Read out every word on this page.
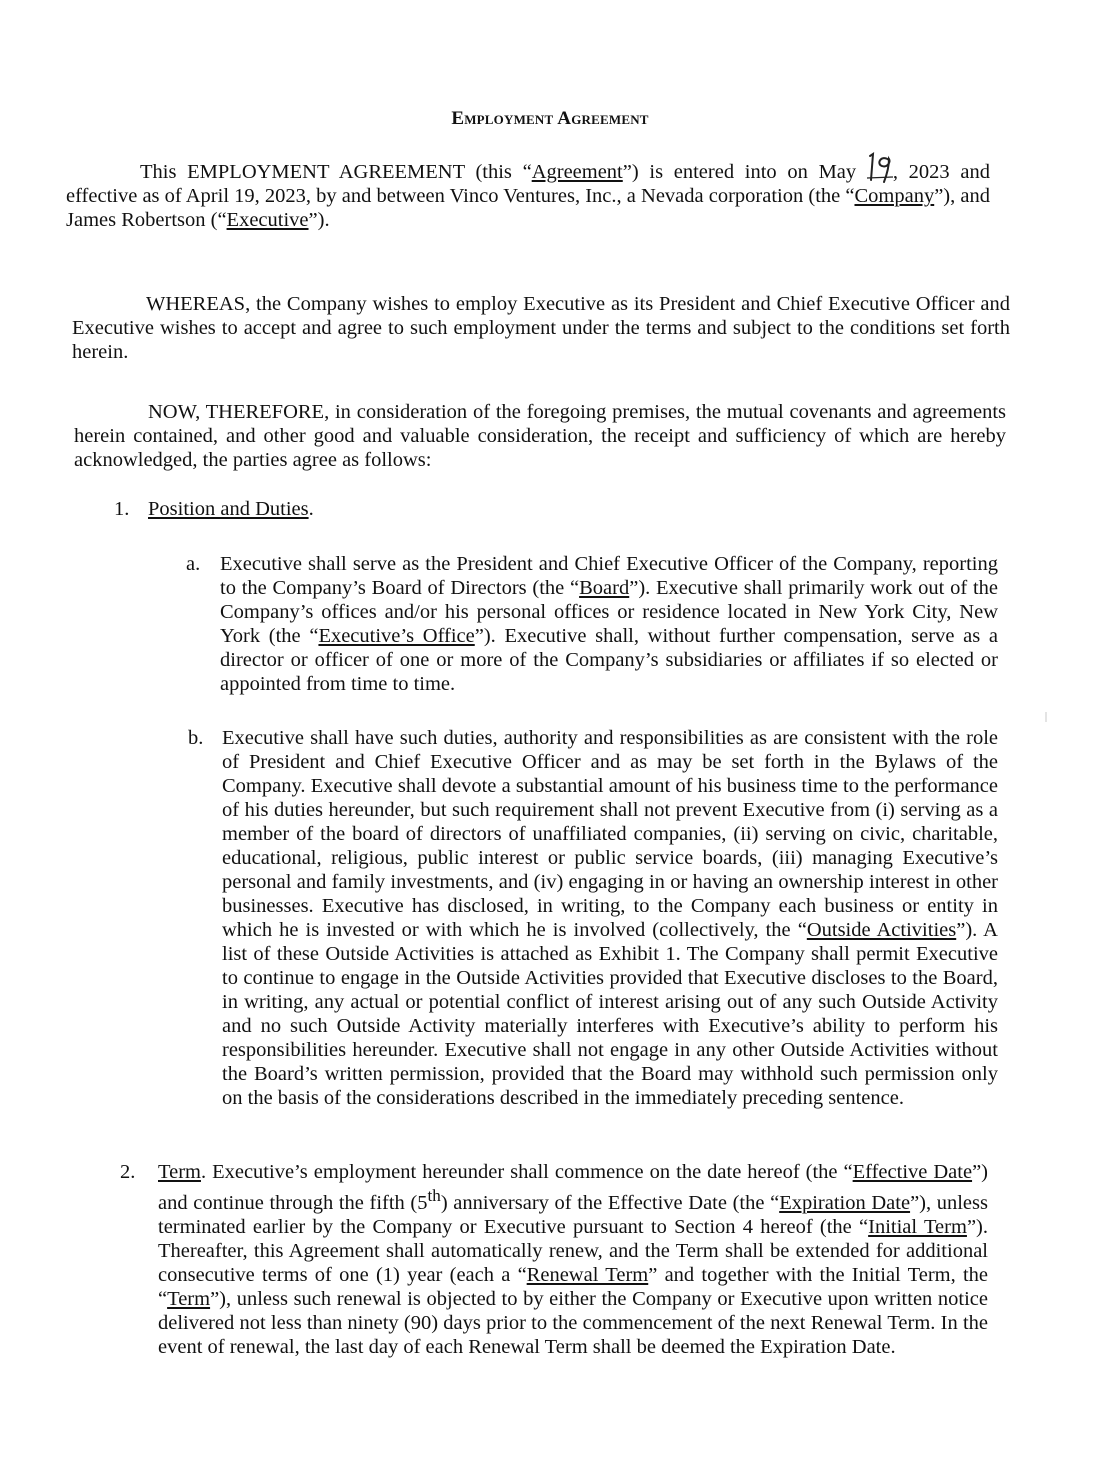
Employment Agreement
This EMPLOYMENT AGREEMENT (this “Agreement”) is entered into on May
, 2023 and effective as of April 19, 2023, by and between Vinco Ventures, Inc., a Nevada corporation (the “Company”), and James Robertson (“Executive”).
WHEREAS, the Company wishes to employ Executive as its President and Chief Executive Officer and Executive wishes to accept and agree to such employment under the terms and subject to the conditions set forth herein.
NOW, THEREFORE, in consideration of the foregoing premises, the mutual covenants and agreements herein contained, and other good and valuable consideration, the receipt and sufficiency of which are hereby acknowledged, the parties agree as follows:
1. Position and Duties.
a. Executive shall serve as the President and Chief Executive Officer of the Company, reporting to the Company’s Board of Directors (the “Board”). Executive shall primarily work out of the Company’s offices and/or his personal offices or residence located in New York City, New York (the “Executive’s Office”). Executive shall, without further compensation, serve as a director or officer of one or more of the Company’s subsidiaries or affiliates if so elected or appointed from time to time.
b. Executive shall have such duties, authority and responsibilities as are consistent with the role of President and Chief Executive Officer and as may be set forth in the Bylaws of the Company. Executive shall devote a substantial amount of his business time to the performance of his duties hereunder, but such requirement shall not prevent Executive from (i) serving as a member of the board of directors of unaffiliated companies, (ii) serving on civic, charitable, educational, religious, public interest or public service boards, (iii) managing Executive’s personal and family investments, and (iv) engaging in or having an ownership interest in other businesses. Executive has disclosed, in writing, to the Company each business or entity in which he is invested or with which he is involved (collectively, the “Outside Activities”). A list of these Outside Activities is attached as Exhibit 1. The Company shall permit Executive to continue to engage in the Outside Activities provided that Executive discloses to the Board, in writing, any actual or potential conflict of interest arising out of any such Outside Activity and no such Outside Activity materially interferes with Executive’s ability to perform his responsibilities hereunder. Executive shall not engage in any other Outside Activities without the Board’s written permission, provided that the Board may withhold such permission only on the basis of the considerations described in the immediately preceding sentence.
2. Term. Executive’s employment hereunder shall commence on the date hereof (the “Effective Date”) and continue through the fifth (5th) anniversary of the Effective Date (the “Expiration Date”), unless terminated earlier by the Company or Executive pursuant to Section 4 hereof (the “Initial Term”). Thereafter, this Agreement shall automatically renew, and the Term shall be extended for additional consecutive terms of one (1) year (each a “Renewal Term” and together with the Initial Term, the “Term”), unless such renewal is objected to by either the Company or Executive upon written notice delivered not less than ninety (90) days prior to the commencement of the next Renewal Term. In the event of renewal, the last day of each Renewal Term shall be deemed the Expiration Date.
